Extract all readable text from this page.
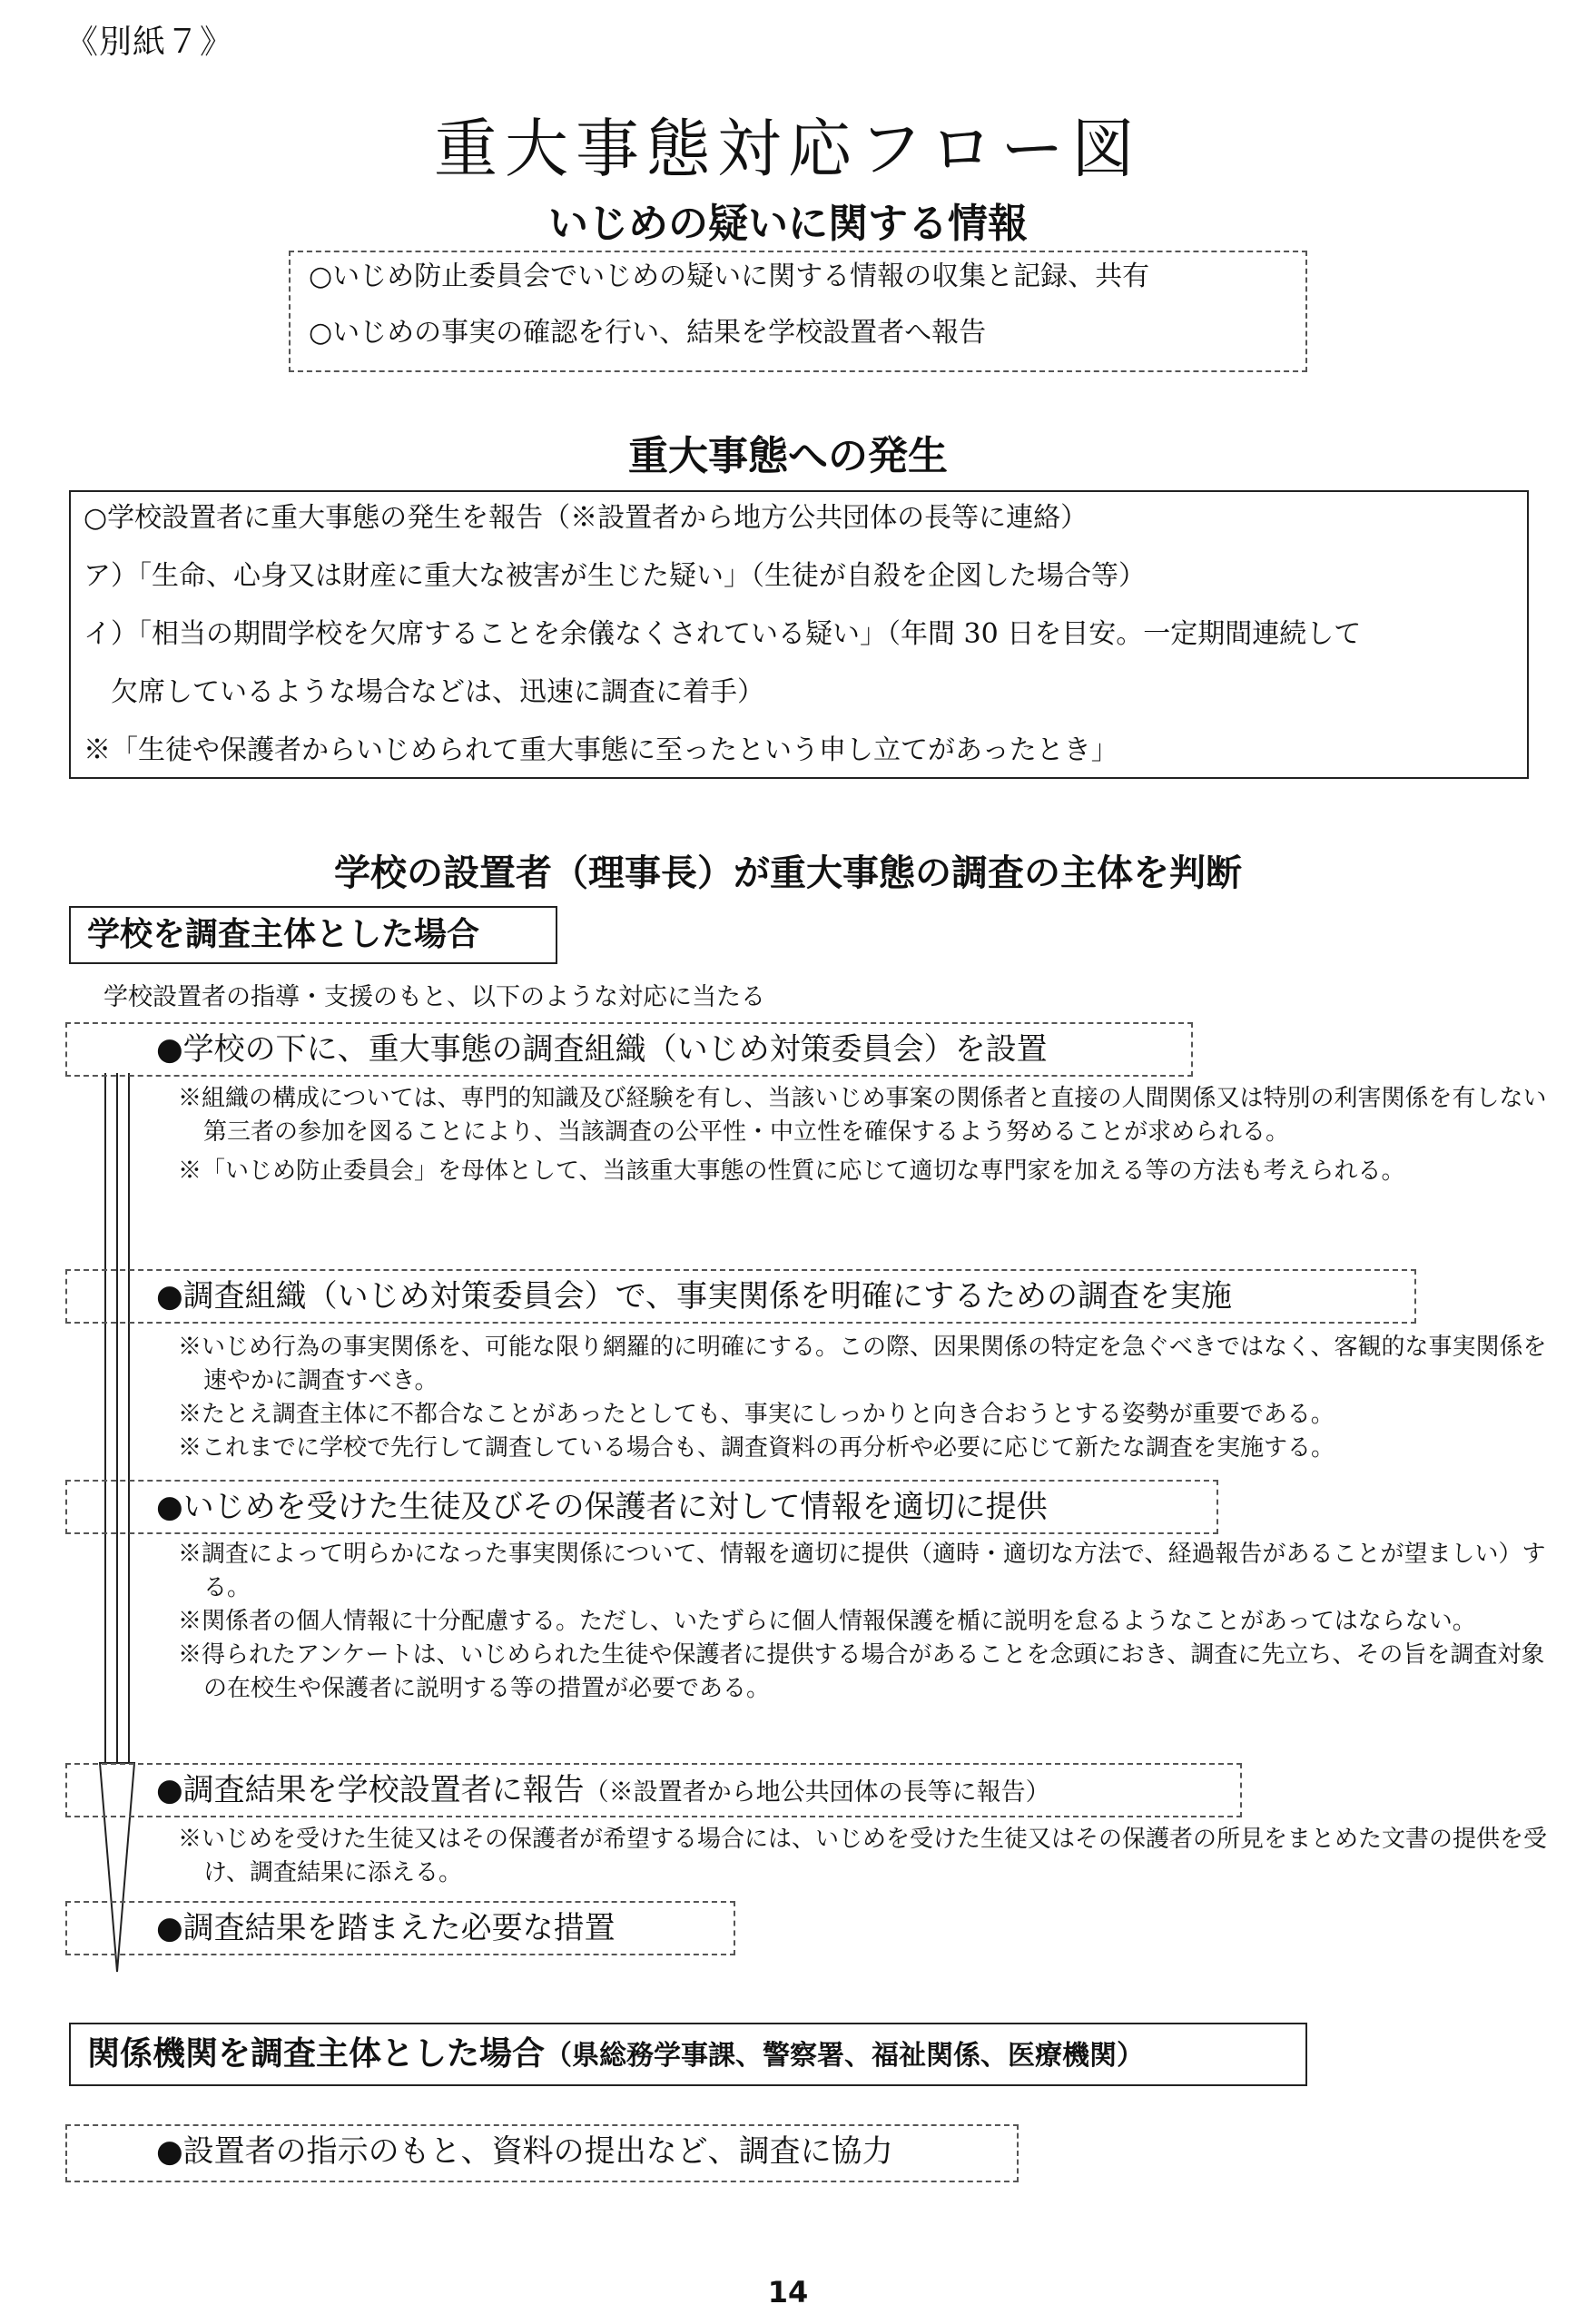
《別紙７》
重大事態対応フロー図
いじめの疑いに関する情報
○いじめ防止委員会でいじめの疑いに関する情報の収集と記録、共有
○いじめの事実の確認を行い、結果を学校設置者へ報告
重大事態への発生
○学校設置者に重大事態の発生を報告（※設置者から地方公共団体の長等に連絡）
ア）「生命、心身又は財産に重大な被害が生じた疑い」（生徒が自殺を企図した場合等）
イ）「相当の期間学校を欠席することを余儀なくされている疑い」（年間 30 日を目安。一定期間連続して
　欠席しているような場合などは、迅速に調査に着手）
※「生徒や保護者からいじめられて重大事態に至ったという申し立てがあったとき」
学校の設置者（理事長）が重大事態の調査の主体を判断
学校を調査主体とした場合
学校設置者の指導・支援のもと、以下のような対応に当たる
●学校の下に、重大事態の調査組織（いじめ対策委員会）を設置
※組織の構成については、専門的知識及び経験を有し、当該いじめ事案の関係者と直接の人間関係又は特別の利害関係を有しない第三者の参加を図ることにより、当該調査の公平性・中立性を確保するよう努めることが求められる。
※「いじめ防止委員会」を母体として、当該重大事態の性質に応じて適切な専門家を加える等の方法も考えられる。
●調査組織（いじめ対策委員会）で、事実関係を明確にするための調査を実施
※いじめ行為の事実関係を、可能な限り網羅的に明確にする。この際、因果関係の特定を急ぐべきではなく、客観的な事実関係を速やかに調査すべき。
※たとえ調査主体に不都合なことがあったとしても、事実にしっかりと向き合おうとする姿勢が重要である。
※これまでに学校で先行して調査している場合も、調査資料の再分析や必要に応じて新たな調査を実施する。
●いじめを受けた生徒及びその保護者に対して情報を適切に提供
※調査によって明らかになった事実関係について、情報を適切に提供（適時・適切な方法で、経過報告があることが望ましい）する。
※関係者の個人情報に十分配慮する。ただし、いたずらに個人情報保護を楯に説明を怠るようなことがあってはならない。
※得られたアンケートは、いじめられた生徒や保護者に提供する場合があることを念頭におき、調査に先立ち、その旨を調査対象の在校生や保護者に説明する等の措置が必要である。
●調査結果を学校設置者に報告（※設置者から地公共団体の長等に報告）
※いじめを受けた生徒又はその保護者が希望する場合には、いじめを受けた生徒又はその保護者の所見をまとめた文書の提供を受け、調査結果に添える。
●調査結果を踏まえた必要な措置
関係機関を調査主体とした場合（県総務学事課、警察署、福祉関係、医療機関）
●設置者の指示のもと、資料の提出など、調査に協力
14
